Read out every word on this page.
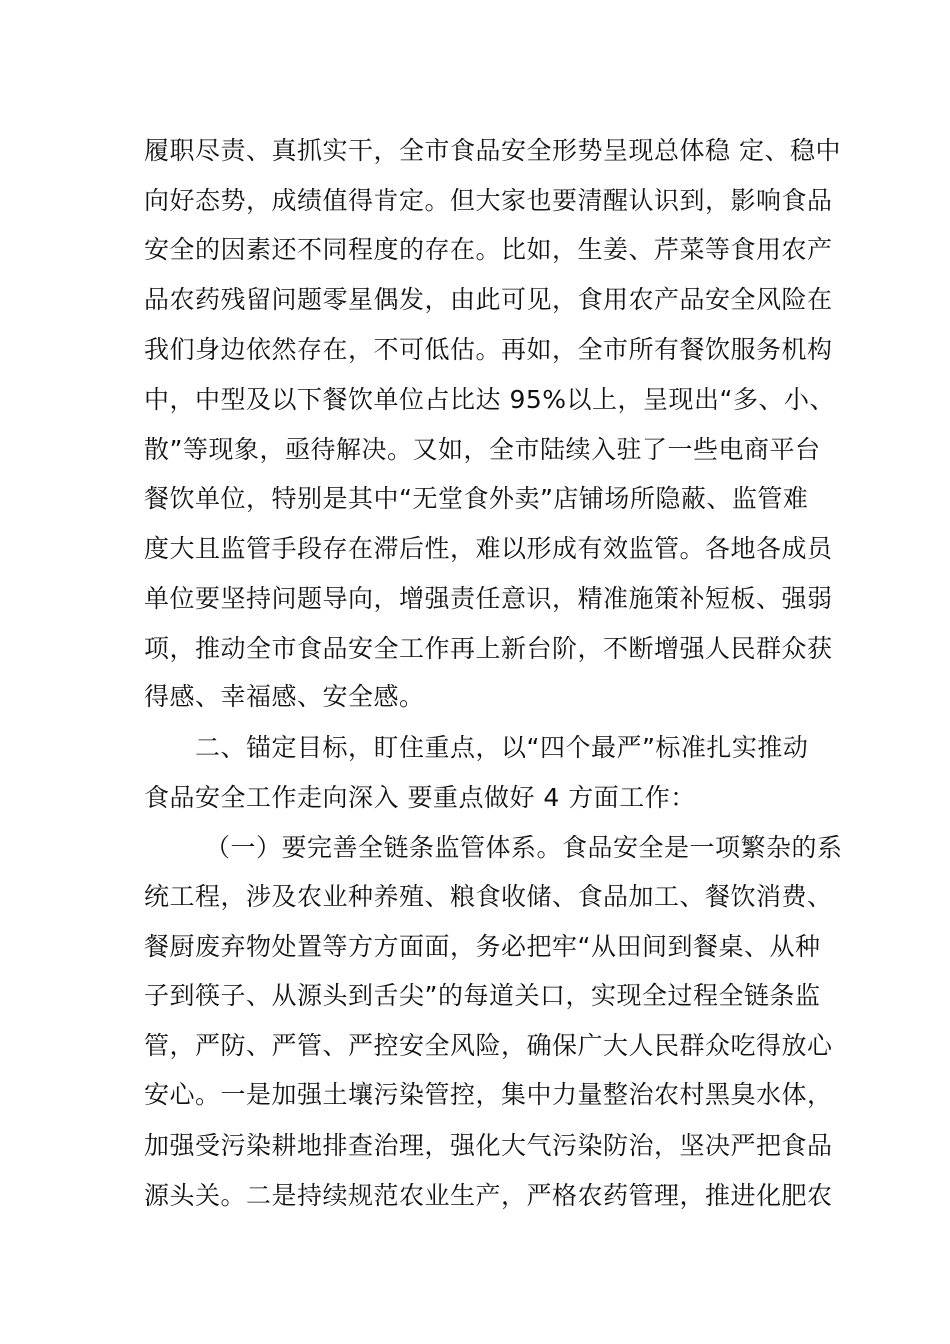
履职尽责、真抓实干，全市食品安全形势呈现总体稳 定、稳中
向好态势，成绩值得肯定。但大家也要清醒认识到，影响食品
安全的因素还不同程度的存在。比如，生姜、芹菜等食用农产
品农药残留问题零星偶发，由此可见，食用农产品安全风险在
我们身边依然存在，不可低估。再如，全市所有餐饮服务机构
中，中型及以下餐饮单位占比达 95%以上，呈现出“多、小、
散”等现象，亟待解决。又如，全市陆续入驻了一些电商平台
餐饮单位，特别是其中“无堂食外卖”店铺场所隐蔽、监管难
度大且监管手段存在滞后性，难以形成有效监管。各地各成员
单位要坚持问题导向，增强责任意识，精准施策补短板、强弱
项，推动全市食品安全工作再上新台阶，不断增强人民群众获
得感、幸福感、安全感。
二、锚定目标，盯住重点，以“四个最严”标准扎实推动
食品安全工作走向深入 要重点做好 4 方面工作：
（一）要完善全链条监管体系。食品安全是一项繁杂的系
统工程，涉及农业种养殖、粮食收储、食品加工、餐饮消费、
餐厨废弃物处置等方方面面，务必把牢“从田间到餐桌、从种
子到筷子、从源头到舌尖”的每道关口，实现全过程全链条监
管，严防、严管、严控安全风险，确保广大人民群众吃得放心
安心。一是加强土壤污染管控，集中力量整治农村黑臭水体，
加强受污染耕地排查治理，强化大气污染防治，坚决严把食品
源头关。二是持续规范农业生产，严格农药管理，推进化肥农
